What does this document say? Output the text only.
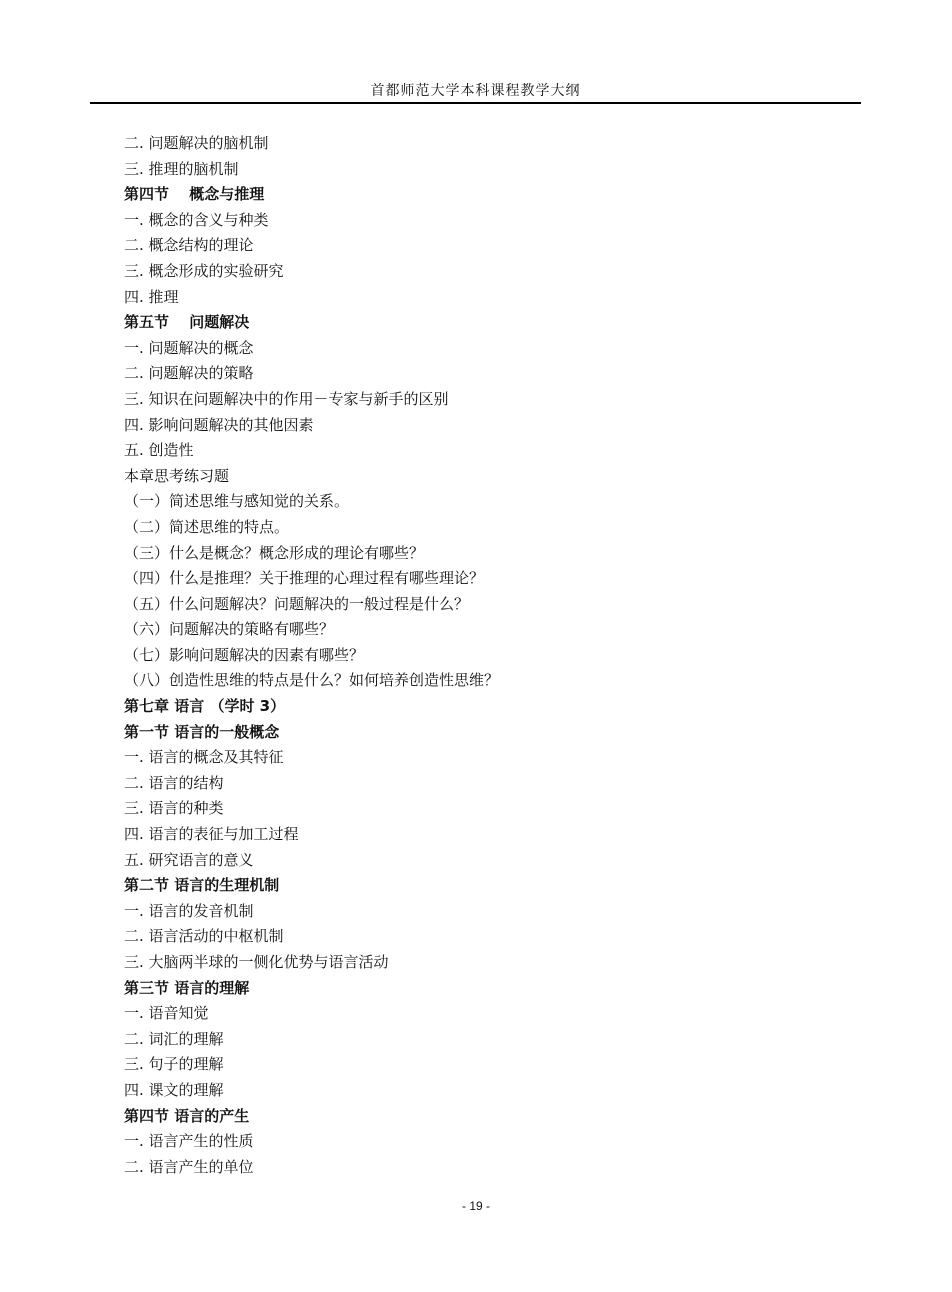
首都师范大学本科课程教学大纲
二. 问题解决的脑机制
三. 推理的脑机制
第四节　 概念与推理
一. 概念的含义与种类
二. 概念结构的理论
三. 概念形成的实验研究
四. 推理
第五节　 问题解决
一. 问题解决的概念
二. 问题解决的策略
三. 知识在问题解决中的作用－专家与新手的区别
四. 影响问题解决的其他因素
五. 创造性
本章思考练习题
（一）简述思维与感知觉的关系。
（二）简述思维的特点。
（三）什么是概念？概念形成的理论有哪些？
（四）什么是推理？关于推理的心理过程有哪些理论？
（五）什么问题解决？问题解决的一般过程是什么？
（六）问题解决的策略有哪些？
（七）影响问题解决的因素有哪些？
（八）创造性思维的特点是什么？如何培养创造性思维？
第七章 语言 （学时 3）
第一节 语言的一般概念
一. 语言的概念及其特征
二. 语言的结构
三. 语言的种类
四. 语言的表征与加工过程
五. 研究语言的意义
第二节 语言的生理机制
一. 语言的发音机制
二. 语言活动的中枢机制
三. 大脑两半球的一侧化优势与语言活动
第三节 语言的理解
一. 语音知觉
二. 词汇的理解
三. 句子的理解
四. 课文的理解
第四节 语言的产生
一. 语言产生的性质
二. 语言产生的单位
- 19 -
